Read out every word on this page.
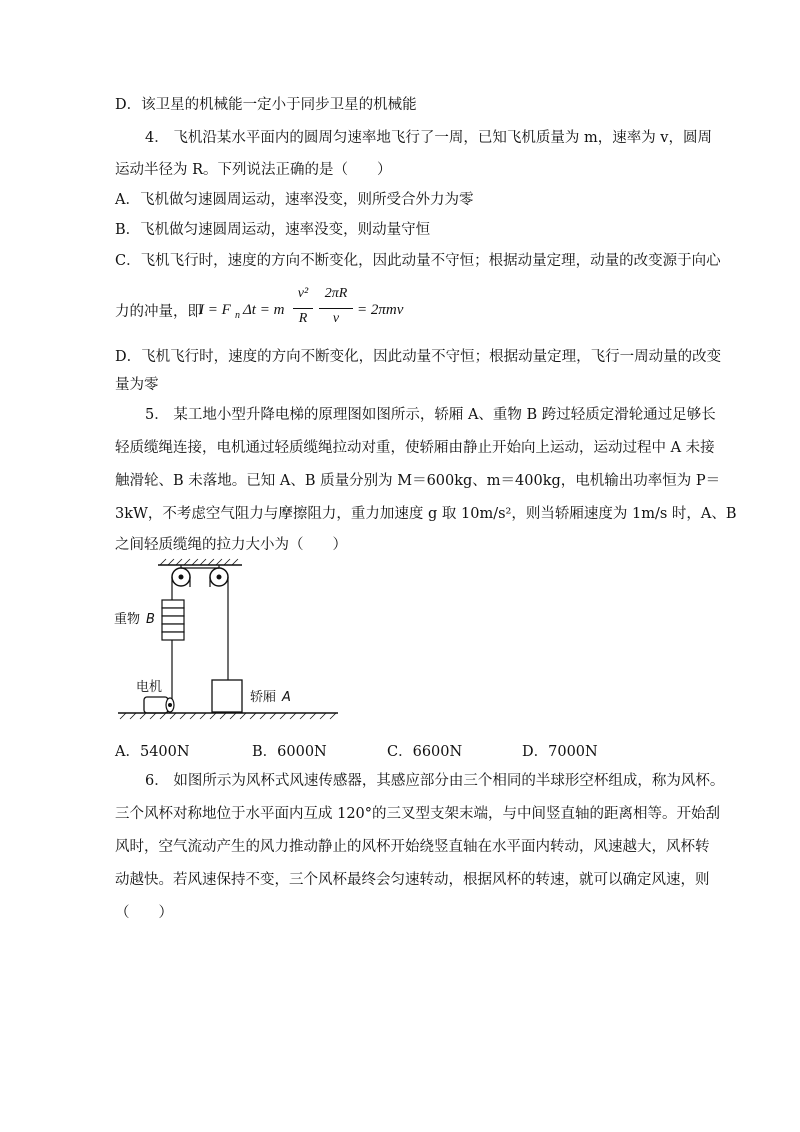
D．该卫星的机械能一定小于同步卫星的机械能
4． 飞机沿某水平面内的圆周匀速率地飞行了一周，已知飞机质量为 m，速率为 v，圆周
运动半径为 R。下列说法正确的是（　　）
A．飞机做匀速圆周运动，速率没变，则所受合外力为零
B．飞机做匀速圆周运动，速率没变，则动量守恒
C．飞机飞行时，速度的方向不断变化，因此动量不守恒；根据动量定理，动量的改变源于向心
力的冲量，即
I = F n Δt = m
v²
R
2πR
v
= 2πmv
D．飞机飞行时，速度的方向不断变化，因此动量不守恒；根据动量定理，飞行一周动量的改变
量为零
5． 某工地小型升降电梯的原理图如图所示，轿厢 A、重物 B 跨过轻质定滑轮通过足够长
轻质缆绳连接，电机通过轻质缆绳拉动对重，使轿厢由静止开始向上运动，运动过程中 A 未接
触滑轮、B 未落地。已知 A、B 质量分别为 M＝600kg、m＝400kg，电机输出功率恒为 P＝
3kW，不考虑空气阻力与摩擦阻力，重力加速度 g 取 10m/s²，则当轿厢速度为 1m/s 时，A、B
之间轻质缆绳的拉力大小为（　　）
重物 B
电机
轿厢 A
A．5400N	B．6000N	C．6600N	D．7000N
6． 如图所示为风杯式风速传感器，其感应部分由三个相同的半球形空杯组成，称为风杯。
三个风杯对称地位于水平面内互成 120°的三叉型支架末端，与中间竖直轴的距离相等。开始刮
风时，空气流动产生的风力推动静止的风杯开始绕竖直轴在水平面内转动，风速越大，风杯转
动越快。若风速保持不变，三个风杯最终会匀速转动，根据风杯的转速，就可以确定风速，则
（　　）
